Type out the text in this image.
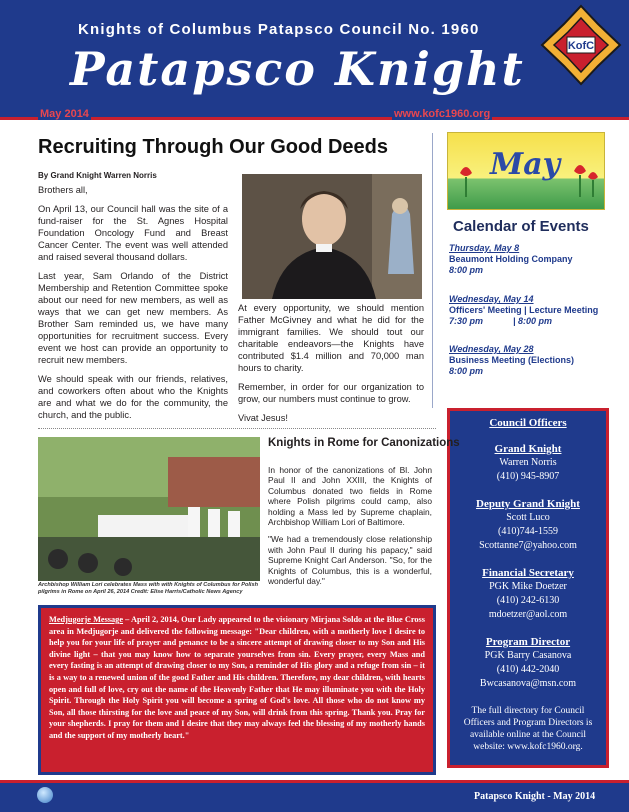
Knights of Columbus Patapsco Council No. 1960
Patapsco Knight
May 2014	www.kofc1960.org
KofC
Recruiting Through Our Good Deeds
By Grand Knight Warren Norris

Brothers all,

On April 13, our Council hall was the site of a fund-raiser for the St. Agnes Hospital Foundation Oncology Fund and Breast Cancer Center. The event was well attended and raised several thousand dollars.

Last year, Sam Orlando of the District Membership and Retention Committee spoke about our need for new members, as well as ways that we can get new members. As Brother Sam reminded us, we have many opportunities for recruitment success. Every event we host can provide an opportunity to recruit new members.

We should speak with our friends, relatives, and coworkers often about who the Knights are and what we do for the community, the church, and the public.

At every opportunity, we should mention Father McGivney and what he did for the immigrant families. We should tout our charitable endeavors—the Knights have contributed $1.4 million and 70,000 man hours to charity.

Remember, in order for our organization to grow, our numbers must continue to grow.

Vivat Jesus!

May
Calendar of Events
Thursday, May 8
Beaumont Holding Company
8:00 pm
Wednesday, May 14
Officers' Meeting | Lecture Meeting
7:30 pm	| 8:00 pm
Wednesday, May 28
Business Meeting (Elections)
8:00 pm
Council Officers
Grand Knight
Warren Norris
(410) 945-8907
Deputy Grand Knight
Scott Luco
(410)744-1559
Scottanne7@yahoo.com
Financial Secretary
PGK Mike Doetzer
(410) 242-6130
mdoetzer@aol.com
Program Director
PGK Barry Casanova
(410) 442-2040
Bwcasanova@msn.com
The full directory for Council Officers and Program Directors is available online at the Council website: www.kofc1960.org.
Archbishop William Lori celebrates Mass with with Knights of Columbus for Polish pilgrims in Rome on April 26, 2014 Credit: Elise Harris/Catholic News Agency
Knights in Rome for Canonizations

In honor of the canonizations of Bl. John Paul II and John XXIII, the Knights of Columbus donated two fields in Rome where Polish pilgrims could camp, also holding a Mass led by Supreme chaplain, Archbishop William Lori of Baltimore.

"We had a tremendously close relationship with John Paul II during his papacy," said Supreme Knight Carl Anderson. "So, for the Knights of Columbus, this is a wonderful, wonderful day."

Medjugorje Message – April 2, 2014, Our Lady appeared to the visionary Mirjana Soldo at the Blue Cross area in Medjugorje and delivered the following message: "Dear children, with a motherly love I desire to help you for your life of prayer and penance to be a sincere attempt of drawing closer to my Son and His divine light – that you may know how to separate yourselves from sin. Every prayer, every Mass and every fasting is an attempt of drawing closer to my Son, a reminder of His glory and a refuge from sin – it is a way to a renewed union of the good Father and His children. Therefore, my dear children, with hearts open and full of love, cry out the name of the Heavenly Father that He may illuminate you with the Holy Spirit. Through the Holy Spirit you will become a spring of God's love. All those who do not know my Son, all those thirsting for the love and peace of my Son, will drink from this spring. Thank you. Pray for your shepherds. I pray for them and I desire that they may always feel the blessing of my motherly hands and the support of my motherly heart."
Patapsco Knight - May 2014
